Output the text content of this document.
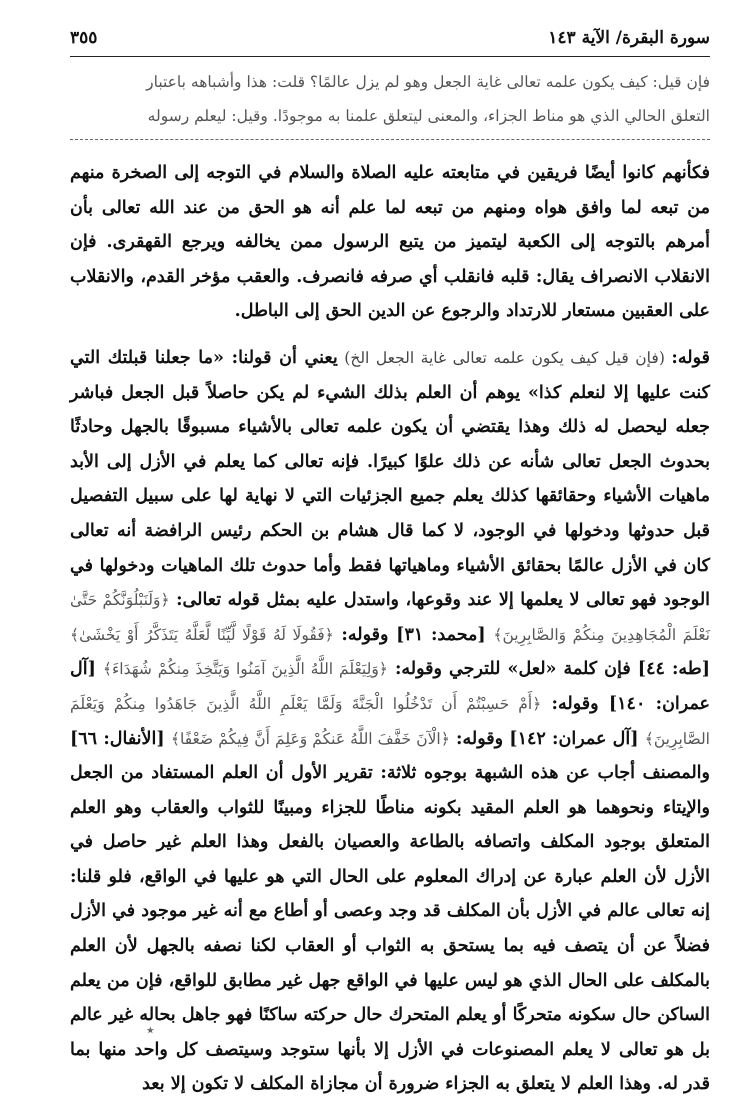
سورة البقرة/ الآية ١٤٣
٣٥٥

فإن قيل: كيف يكون علمه تعالى غاية الجعل وهو لم يزل عالمًا؟ قلت: هذا وأشباهه باعتبار

التعلق الحالي الذي هو مناط الجزاء، والمعنى ليتعلق علمنا به موجودًا. وقيل: ليعلم رسوله

فكأنهم كانوا أيضًا فريقين في متابعته عليه الصلاة والسلام في التوجه إلى الصخرة منهم من تبعه لما وافق هواه ومنهم من تبعه لما علم أنه هو الحق من عند الله تعالى بأن أمرهم بالتوجه إلى الكعبة ليتميز من يتبع الرسول ممن يخالفه ويرجع القهقرى. فإن الانقلاب الانصراف يقال: قلبه فانقلب أي صرفه فانصرف. والعقب مؤخر القدم، والانقلاب على العقبين مستعار للارتداد والرجوع عن الدين الحق إلى الباطل.

قوله: (فإن قيل كيف يكون علمه تعالى غاية الجعل الخ) يعني أن قولنا: «ما جعلنا قبلتك التي كنت عليها إلا لنعلم كذا» يوهم أن العلم بذلك الشيء لم يكن حاصلاً قبل الجعل فباشر جعله ليحصل له ذلك وهذا يقتضي أن يكون علمه تعالى بالأشياء مسبوقًا بالجهل وحادثًا بحدوث الجعل تعالى شأنه عن ذلك علوًا كبيرًا. فإنه تعالى كما يعلم في الأزل إلى الأبد ماهيات الأشياء وحقائقها كذلك يعلم جميع الجزئيات التي لا نهاية لها على سبيل التفصيل قبل حدوثها ودخولها في الوجود، لا كما قال هشام بن الحكم رئيس الرافضة أنه تعالى كان في الأزل عالمًا بحقائق الأشياء وماهياتها فقط وأما حدوث تلك الماهيات ودخولها في الوجود فهو تعالى لا يعلمها إلا عند وقوعها، واستدل عليه بمثل قوله تعالى: ﴿وَلَنَبْلُوَنَّكُمْ حَتَّىٰ نَعْلَمَ الْمُجَاهِدِينَ مِنكُمْ وَالصَّابِرِينَ﴾ [محمد: ٣١] وقوله: ﴿فَقُولَا لَهُ قَوْلًا لَّيِّنًا لَّعَلَّهُ يَتَذَكَّرُ أَوْ يَخْشَىٰ﴾ [طه: ٤٤] فإن كلمة «لعل» للترجي وقوله: ﴿وَلِيَعْلَمَ اللَّهُ الَّذِينَ آمَنُوا وَيَتَّخِذَ مِنكُمْ شُهَدَاءَ﴾ [آل عمران: ١٤٠] وقوله: ﴿أَمْ حَسِبْتُمْ أَن تَدْخُلُوا الْجَنَّةَ وَلَمَّا يَعْلَمِ اللَّهُ الَّذِينَ جَاهَدُوا مِنكُمْ وَيَعْلَمَ الصَّابِرِينَ﴾ [آل عمران: ١٤٢] وقوله: ﴿الْآنَ خَفَّفَ اللَّهُ عَنكُمْ وَعَلِمَ أَنَّ فِيكُمْ ضَعْفًا﴾ [الأنفال: ٦٦] والمصنف أجاب عن هذه الشبهة بوجوه ثلاثة: تقرير الأول أن العلم المستفاد من الجعل والإيتاء ونحوهما هو العلم المقيد بكونه مناطًا للجزاء ومبينًا للثواب والعقاب وهو العلم المتعلق بوجود المكلف واتصافه بالطاعة والعصيان بالفعل وهذا العلم غير حاصل في الأزل لأن العلم عبارة عن إدراك المعلوم على الحال التي هو عليها في الواقع، فلو قلنا: إنه تعالى عالم في الأزل بأن المكلف قد وجد وعصى أو أطاع مع أنه غير موجود في الأزل فضلاً عن أن يتصف فيه بما يستحق به الثواب أو العقاب لكنا نصفه بالجهل لأن العلم بالمكلف على الحال الذي هو ليس عليها في الواقع جهل غير مطابق للواقع، فإن من يعلم الساكن حال سكونه متحركًا أو يعلم المتحرك حال حركته ساكنًا فهو جاهل بحاله غير عالم بل هو تعالى لا يعلم المصنوعات في الأزل إلا بأنها ستوجد وسيتصف كل واحد منها بما قدر له. وهذا العلم لا يتعلق به الجزاء ضرورة أن مجازاة المكلف لا تكون إلا بعد

٭
